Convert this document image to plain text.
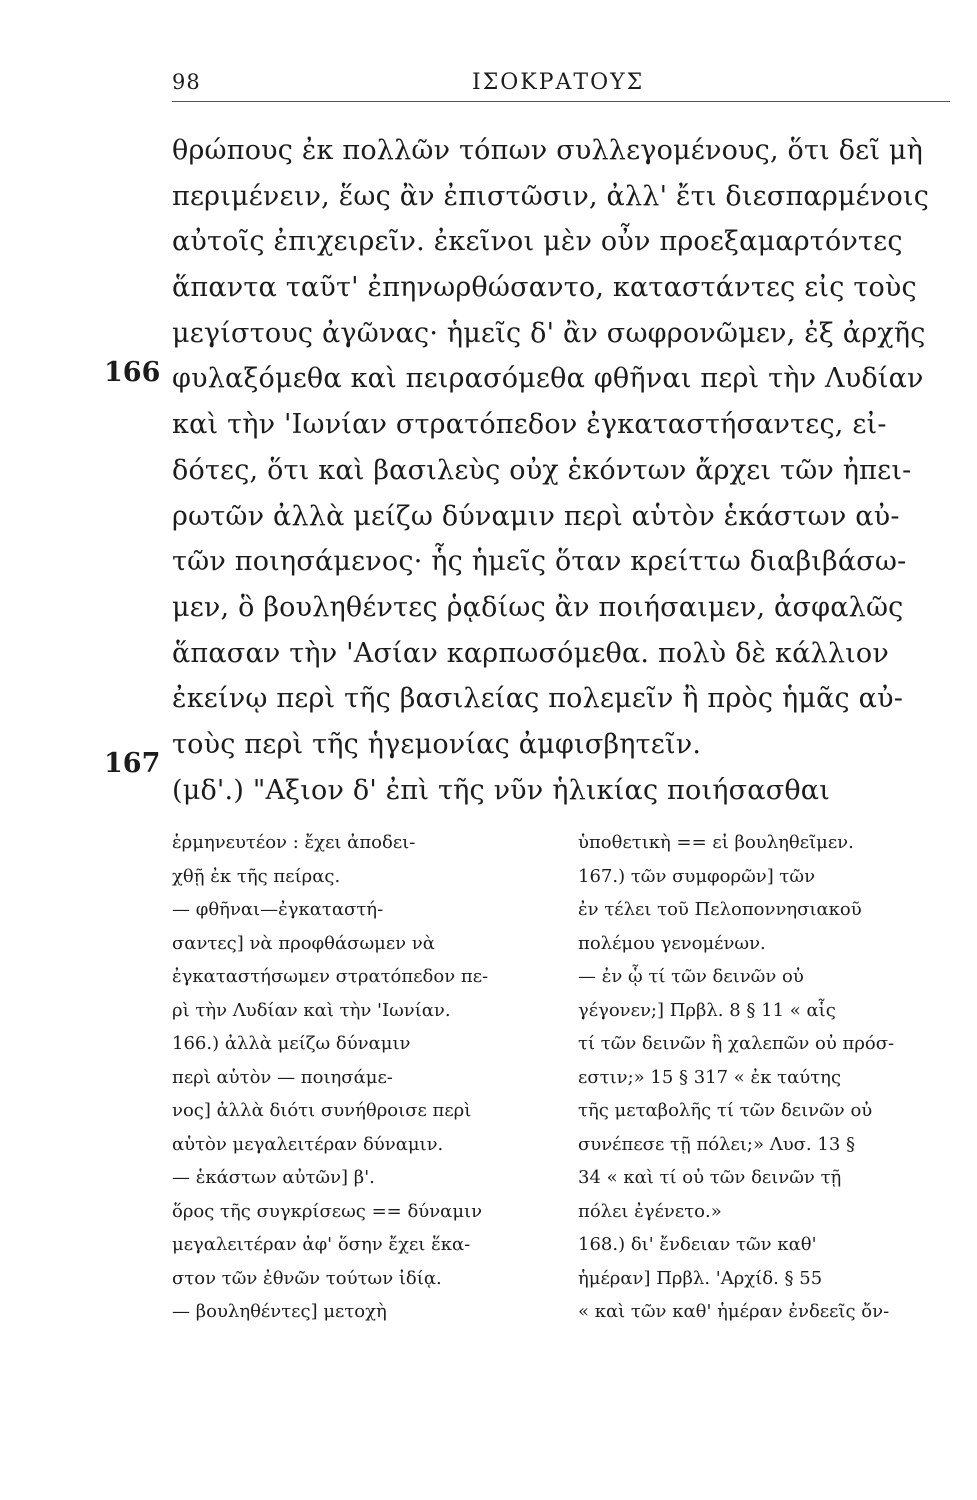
98	ΙΣΟΚΡΑΤΟΥΣ
166
167
θρώπους ἐκ πολλῶν τόπων συλλεγομένους, ὅτι δεῖ μὴ
περιμένειν, ἕως ἂν ἐπιστῶσιν, ἀλλ' ἔτι διεσπαρμένοις
αὐτοῖς ἐπιχειρεῖν. ἐκεῖνοι μὲν οὖν προεξαμαρτόντες
ἅπαντα ταῦτ' ἐπηνωρθώσαντο, καταστάντες εἰς τοὺς
μεγίστους ἀγῶνας· ἡμεῖς δ' ἂν σωφρονῶμεν, ἐξ ἀρχῆς
φυλαξόμεθα καὶ πειρασόμεθα φθῆναι περὶ τὴν Λυδίαν
καὶ τὴν 'Ιωνίαν στρατόπεδον ἐγκαταστήσαντες, εἰ-
δότες, ὅτι καὶ βασιλεὺς οὐχ ἑκόντων ἄρχει τῶν ἠπει-
ρωτῶν ἀλλὰ μείζω δύναμιν περὶ αὑτὸν ἑκάστων αὐ-
τῶν ποιησάμενος· ἧς ἡμεῖς ὅταν κρείττω διαβιβάσω-
μεν, ὃ βουληθέντες ῥᾳδίως ἂν ποιήσαιμεν, ἀσφαλῶς
ἅπασαν τὴν 'Ασίαν καρπωσόμεθα. πολὺ δὲ κάλλιον
ἐκείνῳ περὶ τῆς βασιλείας πολεμεῖν ἢ πρὸς ἡμᾶς αὐ-
τοὺς περὶ τῆς ἡγεμονίας ἀμφισβητεῖν.
(μδ'.) "Αξιον δ' ἐπὶ τῆς νῦν ἡλικίας ποιήσασθαι
ἑρμηνευτέον : ἔχει ἀποδει-
χθῇ ἐκ τῆς πείρας.
— φθῆναι—ἐγκαταστή-
σαντες] νὰ προφθάσωμεν νὰ
ἐγκαταστήσωμεν στρατόπεδον πε-
ρὶ τὴν Λυδίαν καὶ τὴν 'Ιωνίαν.
166.) ἀλλὰ μείζω δύναμιν
περὶ αὑτὸν — ποιησάμε-
νος] ἀλλὰ διότι συνήθροισε περὶ
αὑτὸν μεγαλειτέραν δύναμιν.
— ἑκάστων αὐτῶν] β'.
ὅρος τῆς συγκρίσεως == δύναμιν
μεγαλειτέραν ἀφ' ὅσην ἔχει ἕκα-
στον τῶν ἐθνῶν τούτων ἰδίᾳ.
— βουληθέντες] μετοχὴ
ὑποθετικὴ == εἰ βουληθεῖμεν.
167.) τῶν συμφορῶν] τῶν
ἐν τέλει τοῦ Πελοποννησιακοῦ
πολέμου γενομένων.
— ἐν ᾧ τί τῶν δεινῶν οὐ
γέγονεν;] Πρβλ. 8 § 11 « αἷς
τί τῶν δεινῶν ἢ χαλεπῶν οὐ πρόσ-
εστιν;» 15 § 317 « ἐκ ταύτης
τῆς μεταβολῆς τί τῶν δεινῶν οὐ
συνέπεσε τῇ πόλει;» Λυσ. 13 §
34 « καὶ τί οὐ τῶν δεινῶν τῇ
πόλει ἐγένετο.»
168.) δι' ἔνδειαν τῶν καθ'
ἡμέραν] Πρβλ. 'Αρχίδ. § 55
« καὶ τῶν καθ' ἡμέραν ἐνδεεῖς ὄν-
